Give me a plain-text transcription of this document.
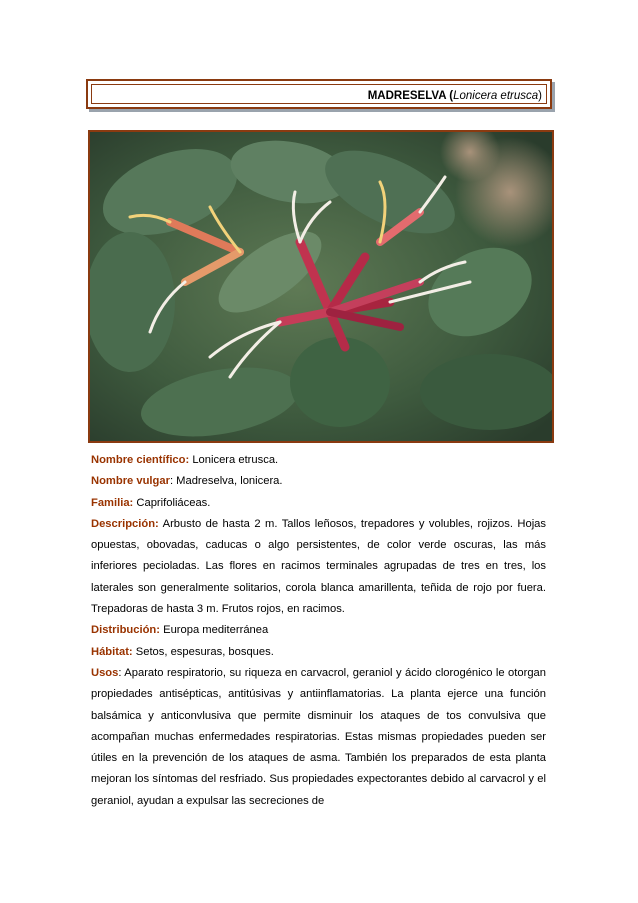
MADRESELVA (Lonicera etrusca)

Nombre científico: Lonicera etrusca.

Nombre vulgar: Madreselva, lonicera.

Familia: Caprifoliáceas.

Descripción: Arbusto de hasta 2 m. Tallos leñosos, trepadores y volubles, rojizos. Hojas opuestas, obovadas, caducas o algo persistentes, de color verde oscuras, las más inferiores pecioladas. Las flores en racimos terminales agrupadas de tres en tres, los laterales son generalmente solitarios, corola blanca amarillenta, teñida de rojo por fuera. Trepadoras de hasta 3 m. Frutos rojos, en racimos.

Distribución: Europa mediterránea

Hábitat: Setos, espesuras, bosques.

Usos: Aparato respiratorio, su riqueza en carvacrol, geraniol y ácido clorogénico le otorgan propiedades antisépticas, antitúsivas y antiinflamatorias. La planta ejerce una función balsámica y anticonvlusiva que permite disminuir los ataques de tos convulsiva que acompañan muchas enfermedades respiratorias. Estas mismas propiedades pueden ser útiles en la prevención de los ataques de asma. También los preparados de esta planta mejoran los síntomas del resfriado. Sus propiedades expectorantes debido al carvacrol y el geraniol, ayudan a expulsar las secreciones de
